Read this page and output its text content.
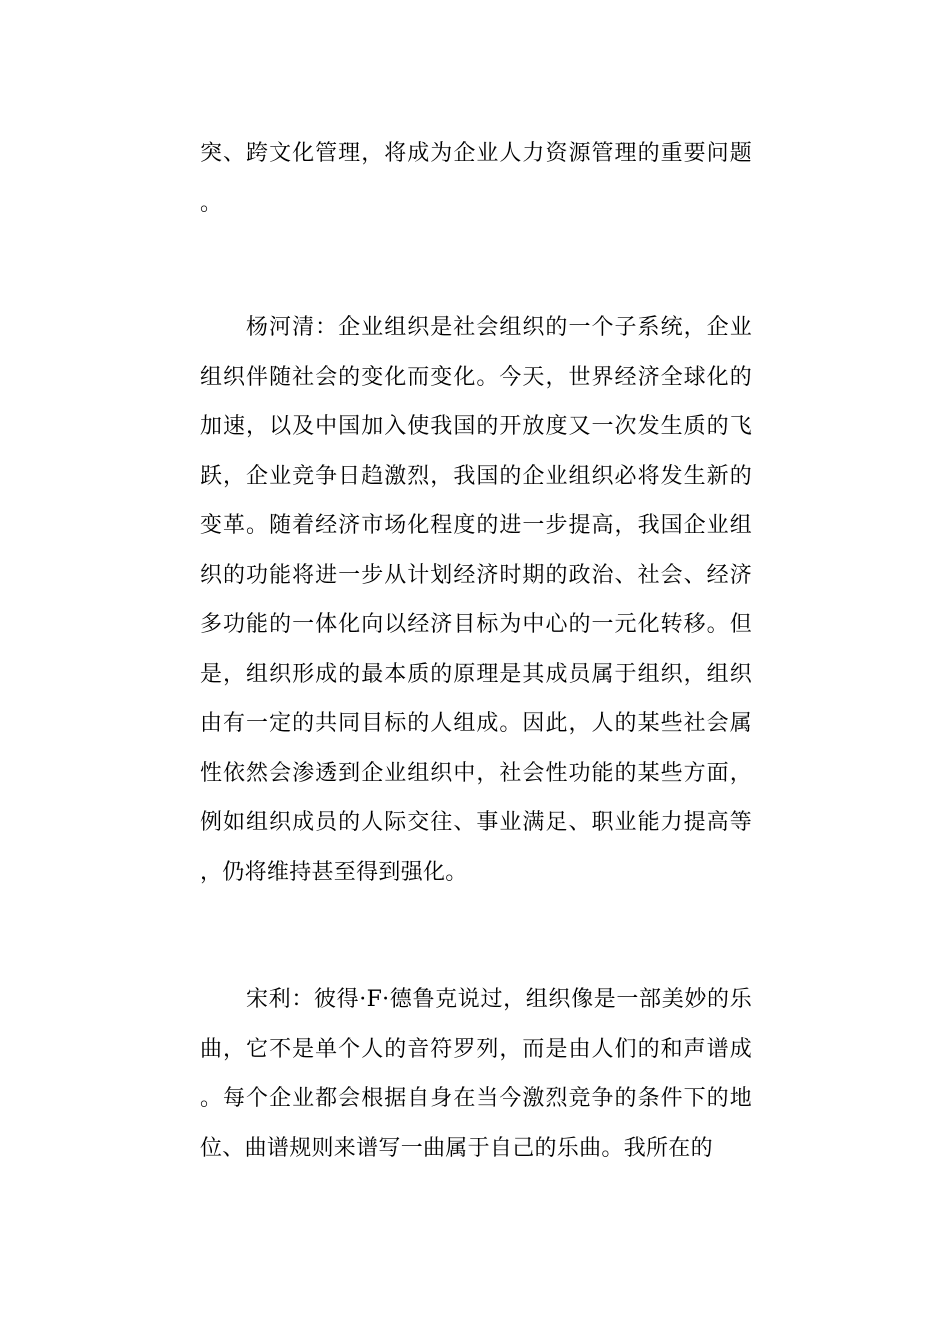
突、跨文化管理，将成为企业人力资源管理的重要问题。

杨河清：企业组织是社会组织的一个子系统，企业组织伴随社会的变化而变化。今天，世界经济全球化的加速，以及中国加入使我国的开放度又一次发生质的飞跃，企业竞争日趋激烈，我国的企业组织必将发生新的变革。随着经济市场化程度的进一步提高，我国企业组织的功能将进一步从计划经济时期的政治、社会、经济多功能的一体化向以经济目标为中心的一元化转移。但是，组织形成的最本质的原理是其成员属于组织，组织由有一定的共同目标的人组成。因此，人的某些社会属性依然会渗透到企业组织中，社会性功能的某些方面，例如组织成员的人际交往、事业满足、职业能力提高等，仍将维持甚至得到强化。

宋利：彼得·F·德鲁克说过，组织像是一部美妙的乐曲，它不是单个人的音符罗列，而是由人们的和声谱成。每个企业都会根据自身在当今激烈竞争的条件下的地位、曲谱规则来谱写一曲属于自己的乐曲。我所在的
